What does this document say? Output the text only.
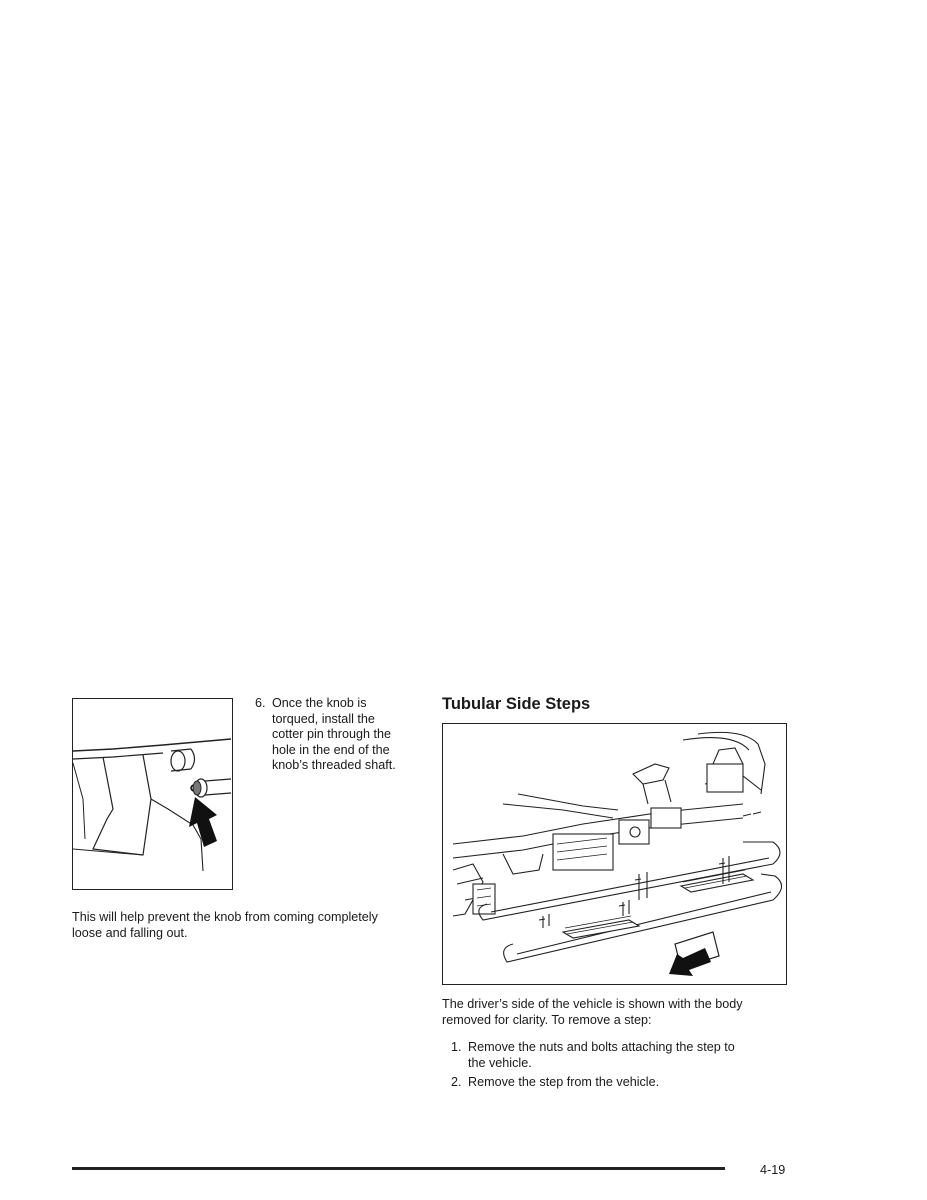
6. Once the knob is
torqued, install the
cotter pin through the
hole in the end of the
knob’s threaded shaft.
This will help prevent the knob from coming completely
loose and falling out.
Tubular Side Steps
The driver’s side of the vehicle is shown with the body
removed for clarity. To remove a step:
1. Remove the nuts and bolts attaching the step to
the vehicle.
2. Remove the step from the vehicle.
4-19
